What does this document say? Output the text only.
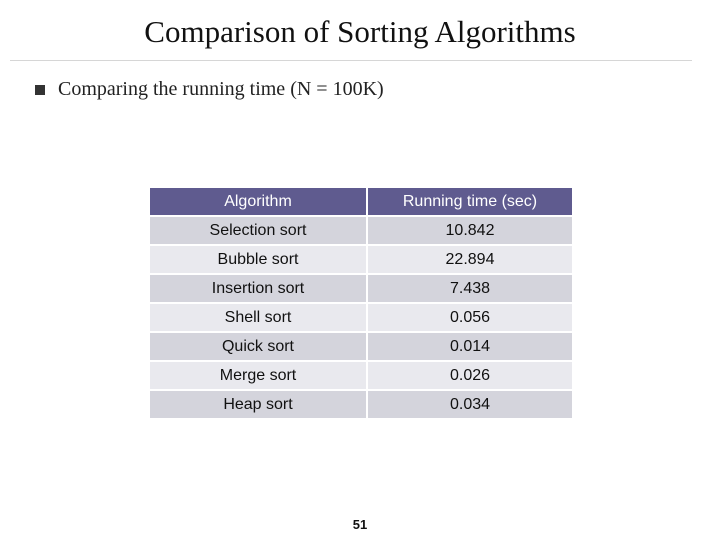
Comparison of Sorting Algorithms
Comparing the running time (N = 100K)
Algorithm	Running time (sec)
Selection sort	10.842
Bubble sort	22.894
Insertion sort	7.438
Shell sort	0.056
Quick sort	0.014
Merge sort	0.026
Heap sort	0.034
51
